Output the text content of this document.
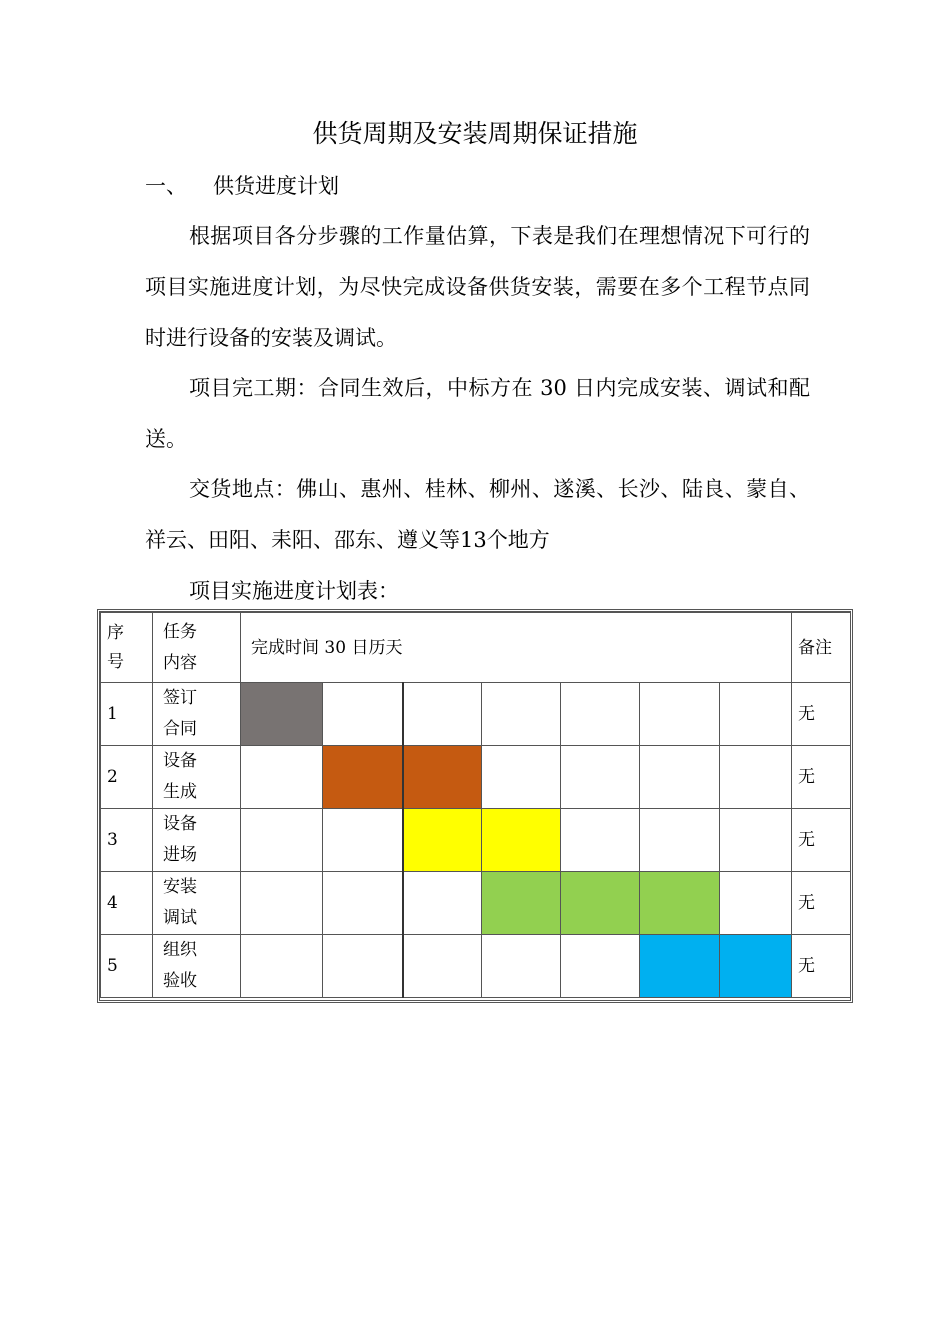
供货周期及安装周期保证措施
一、 供货进度计划
根据项目各分步骤的工作量估算，下表是我们在理想情况下可行的项目实施进度计划，为尽快完成设备供货安装，需要在多个工程节点同时进行设备的安装及调试。
项目完工期：合同生效后，中标方在 30 日内完成安装、调试和配送。
交货地点：佛山、惠州、桂林、柳州、遂溪、长沙、陆良、蒙自、祥云、田阳、耒阳、邵东、遵义等13个地方
项目实施进度计划表：
序号	任务内容	完成时间 30 日历天							备注
1	签订
合同								无
2	设备
生成								无
3	设备
进场								无
4	安装
调试								无
5	组织
验收								无
